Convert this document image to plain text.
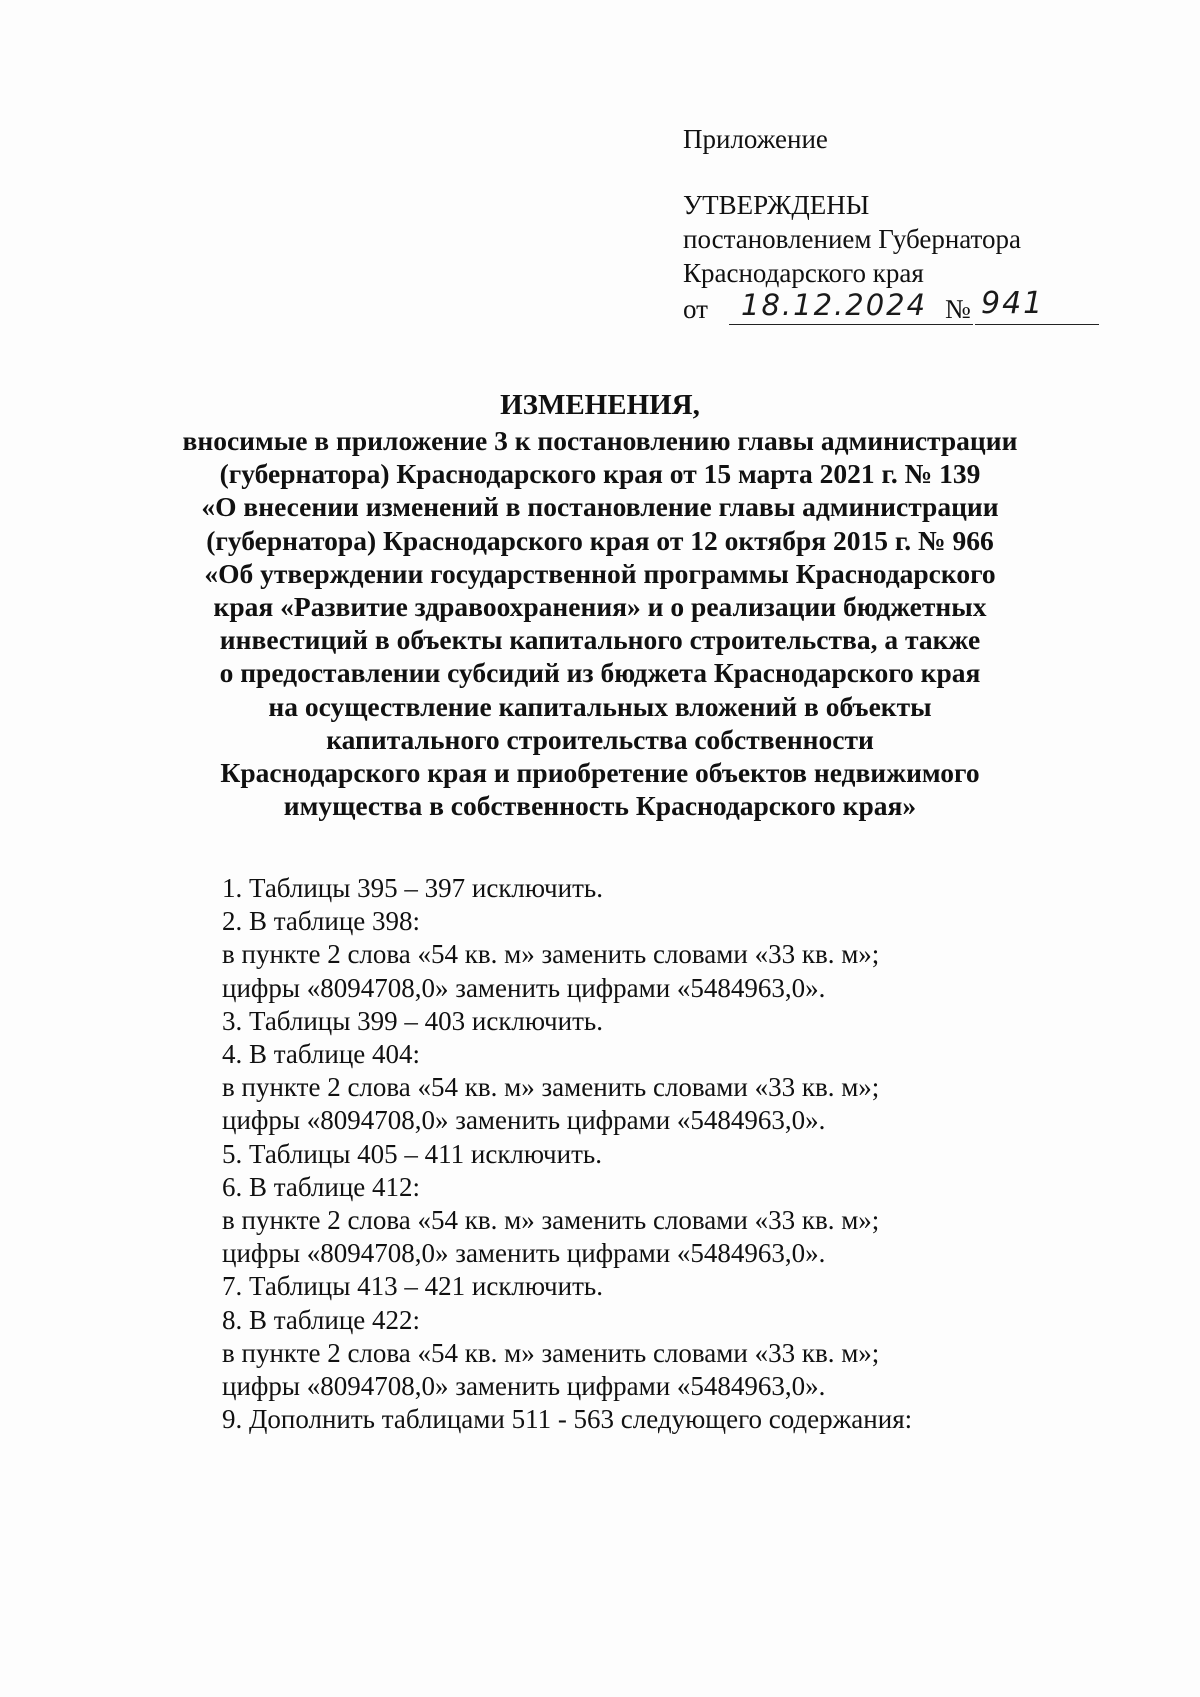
Приложение
УТВЕРЖДЕНЫ
постановлением Губернатора
Краснодарского края
от 18.12.2024 № 941
ИЗМЕНЕНИЯ,
вносимые в приложение 3 к постановлению главы администрации
(губернатора) Краснодарского края от 15 марта 2021 г. № 139
«О внесении изменений в постановление главы администрации
(губернатора) Краснодарского края от 12 октября 2015 г. № 966
«Об утверждении государственной программы Краснодарского
края «Развитие здравоохранения» и о реализации бюджетных
инвестиций в объекты капитального строительства, а также
о предоставлении субсидий из бюджета Краснодарского края
на осуществление капитальных вложений в объекты
капитального строительства собственности
Краснодарского края и приобретение объектов недвижимого
имущества в собственность Краснодарского края»
1. Таблицы 395 – 397 исключить.
2. В таблице 398:
в пункте 2 слова «54 кв. м» заменить словами «33 кв. м»;
цифры «8094708,0» заменить цифрами «5484963,0».
3. Таблицы 399 – 403 исключить.
4. В таблице 404:
в пункте 2 слова «54 кв. м» заменить словами «33 кв. м»;
цифры «8094708,0» заменить цифрами «5484963,0».
5. Таблицы 405 – 411 исключить.
6. В таблице 412:
в пункте 2 слова «54 кв. м» заменить словами «33 кв. м»;
цифры «8094708,0» заменить цифрами «5484963,0».
7. Таблицы 413 – 421 исключить.
8. В таблице 422:
в пункте 2 слова «54 кв. м» заменить словами «33 кв. м»;
цифры «8094708,0» заменить цифрами «5484963,0».
9. Дополнить таблицами 511 - 563 следующего содержания:
